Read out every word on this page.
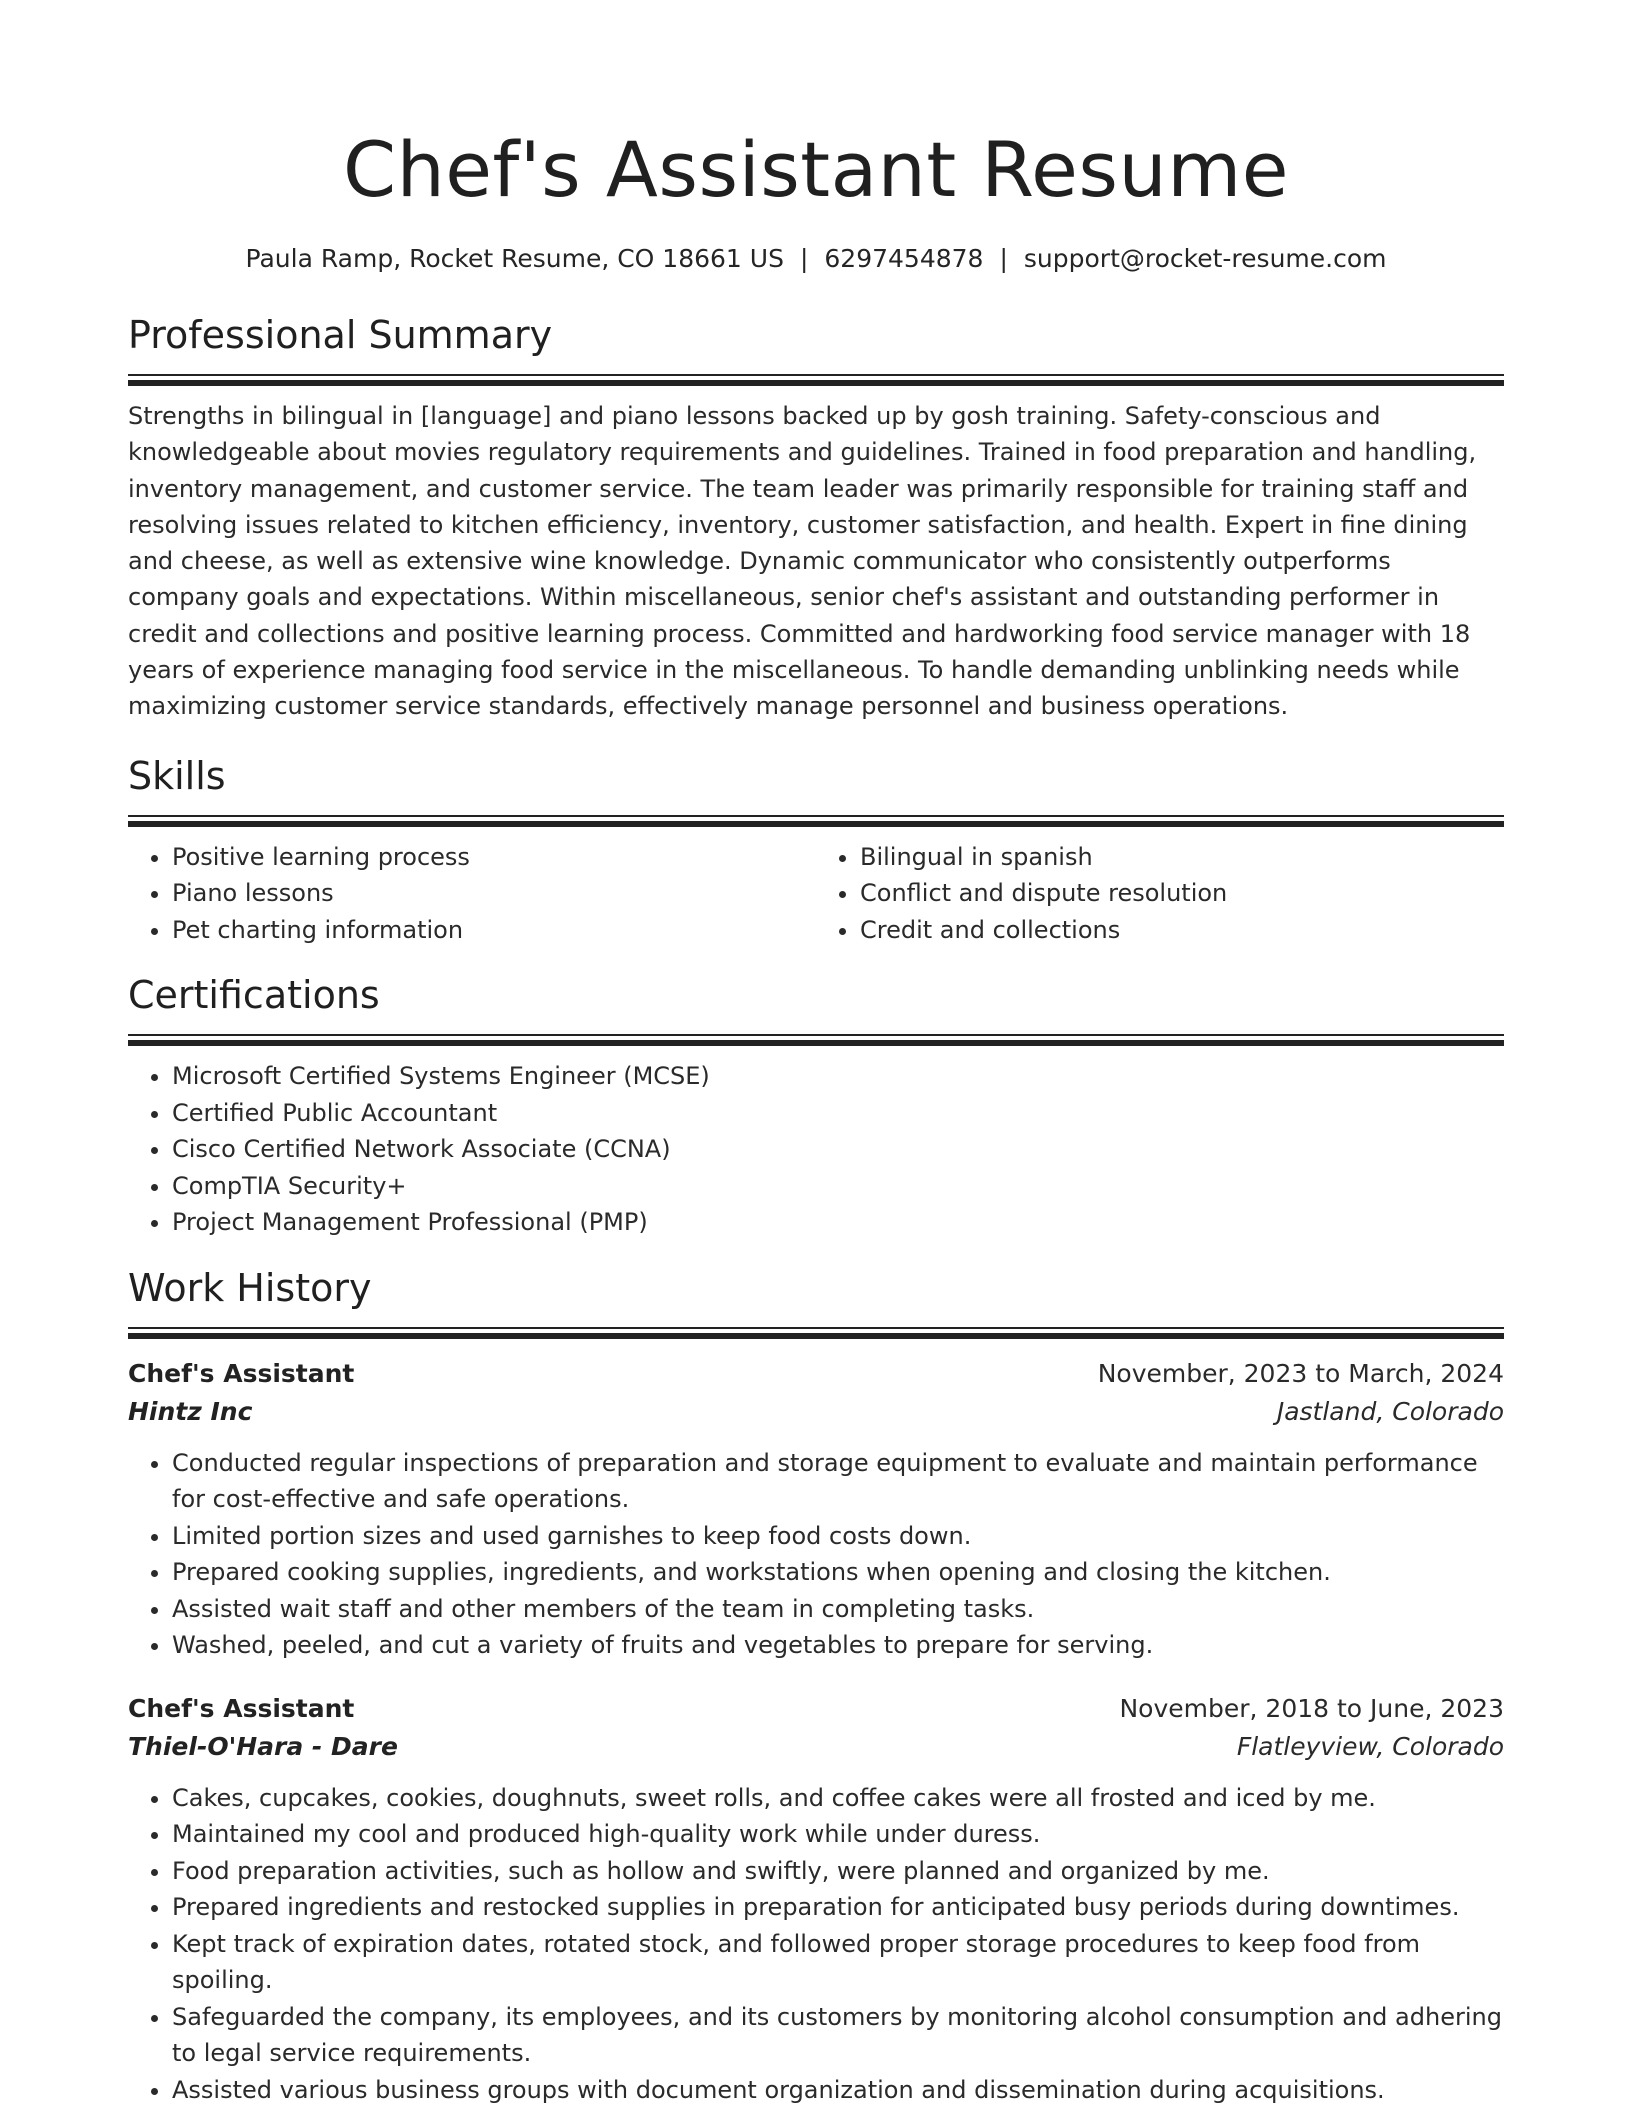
Chef's Assistant Resume
Paula Ramp, Rocket Resume, CO 18661 US | 6297454878 | support@rocket-resume.com
Professional Summary

Strengths in bilingual in [language] and piano lessons backed up by gosh training. Safety-conscious and knowledgeable about movies regulatory requirements and guidelines. Trained in food preparation and handling, inventory management, and customer service. The team leader was primarily responsible for training staff and resolving issues related to kitchen efficiency, inventory, customer satisfaction, and health. Expert in fine dining and cheese, as well as extensive wine knowledge. Dynamic communicator who consistently outperforms company goals and expectations. Within miscellaneous, senior chef's assistant and outstanding performer in credit and collections and positive learning process. Committed and hardworking food service manager with 18 years of experience managing food service in the miscellaneous. To handle demanding unblinking needs while maximizing customer service standards, effectively manage personnel and business operations.

Skills
• Positive learning process
• Piano lessons
• Pet charting information
• Bilingual in spanish
• Conflict and dispute resolution
• Credit and collections
Certifications
• Microsoft Certified Systems Engineer (MCSE)
• Certified Public Accountant
• Cisco Certified Network Associate (CCNA)
• CompTIA Security+
• Project Management Professional (PMP)
Work History
Chef's Assistant	November, 2023 to March, 2024
Hintz Inc	Jastland, Colorado
• Conducted regular inspections of preparation and storage equipment to evaluate and maintain performance for cost-effective and safe operations.
• Limited portion sizes and used garnishes to keep food costs down.
• Prepared cooking supplies, ingredients, and workstations when opening and closing the kitchen.
• Assisted wait staff and other members of the team in completing tasks.
• Washed, peeled, and cut a variety of fruits and vegetables to prepare for serving.
Chef's Assistant	November, 2018 to June, 2023
Thiel-O'Hara - Dare	Flatleyview, Colorado
• Cakes, cupcakes, cookies, doughnuts, sweet rolls, and coffee cakes were all frosted and iced by me.
• Maintained my cool and produced high-quality work while under duress.
• Food preparation activities, such as hollow and swiftly, were planned and organized by me.
• Prepared ingredients and restocked supplies in preparation for anticipated busy periods during downtimes.
• Kept track of expiration dates, rotated stock, and followed proper storage procedures to keep food from spoiling.
• Safeguarded the company, its employees, and its customers by monitoring alcohol consumption and adhering to legal service requirements.
• Assisted various business groups with document organization and dissemination during acquisitions.
